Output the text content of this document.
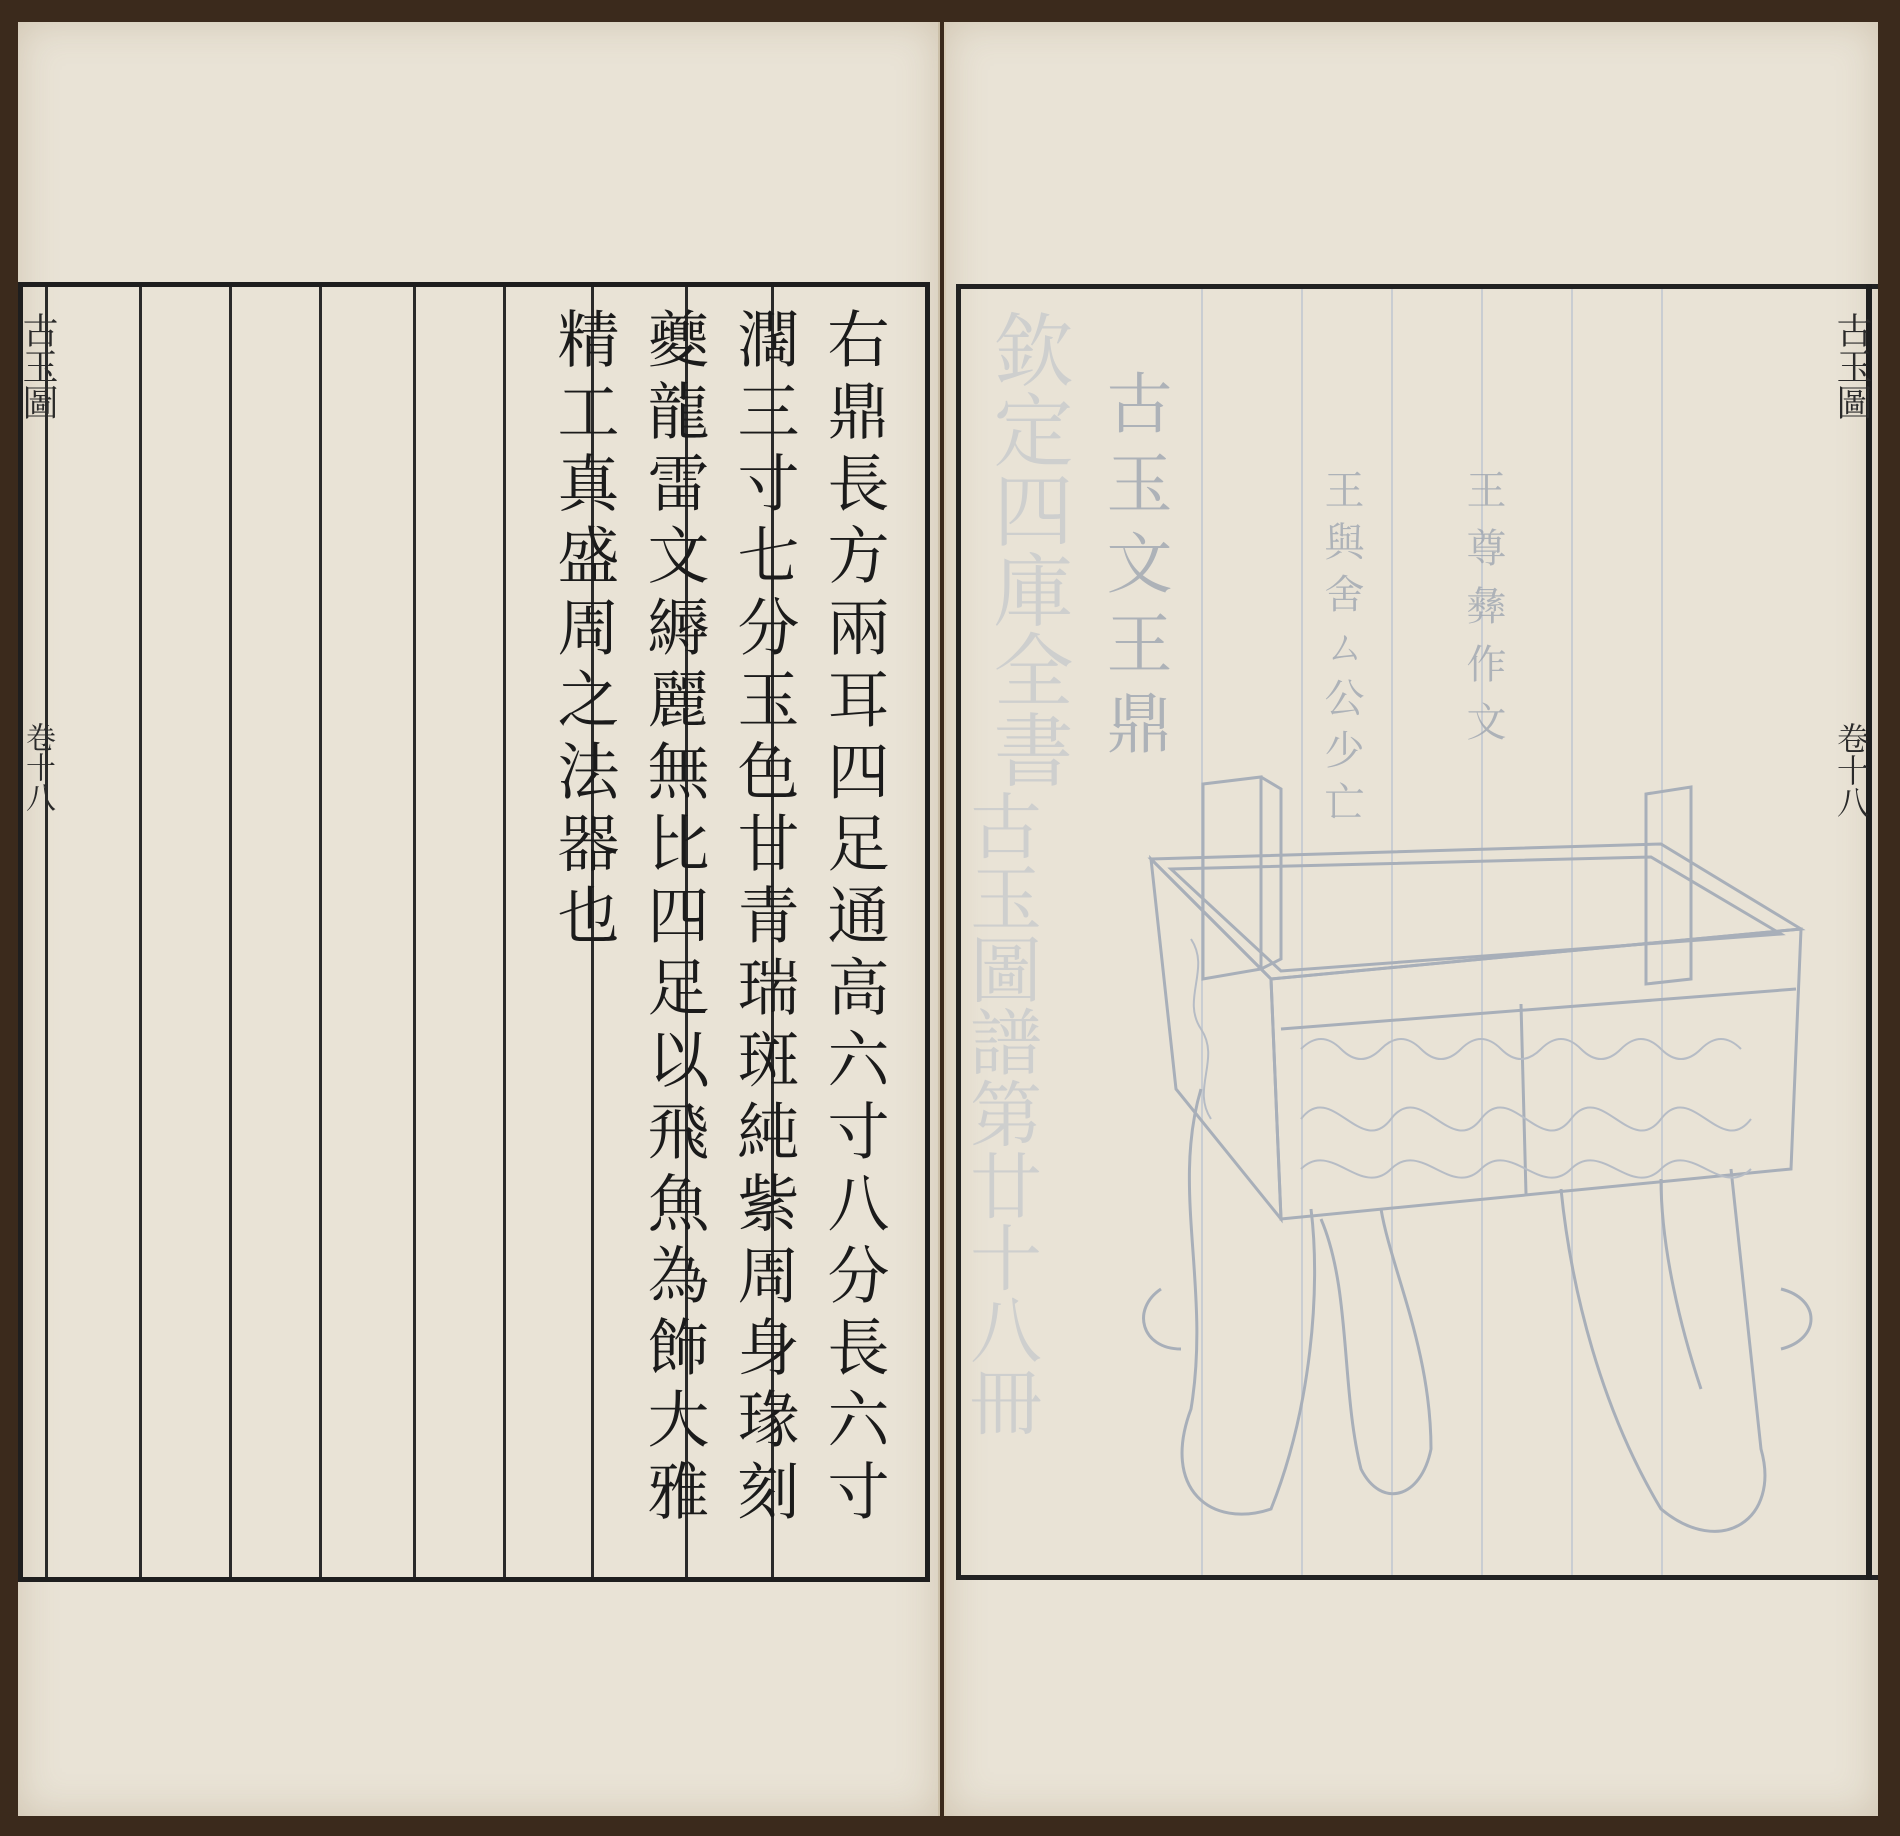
右鼎長方兩耳四足通高六寸八分長六寸
濶三寸七分玉色甘青瑞斑純紫周身瑑刻
夔龍雷文縟麗無比四足以飛魚為飾大雅
精工真盛周之法器也
古玉圖
卷十八	欽定四庫全書
古玉圖譜第廿十八冊
古玉文王鼎	王尊彝作文
王與舍ㄙ公少亡
古玉圖
卷十八
